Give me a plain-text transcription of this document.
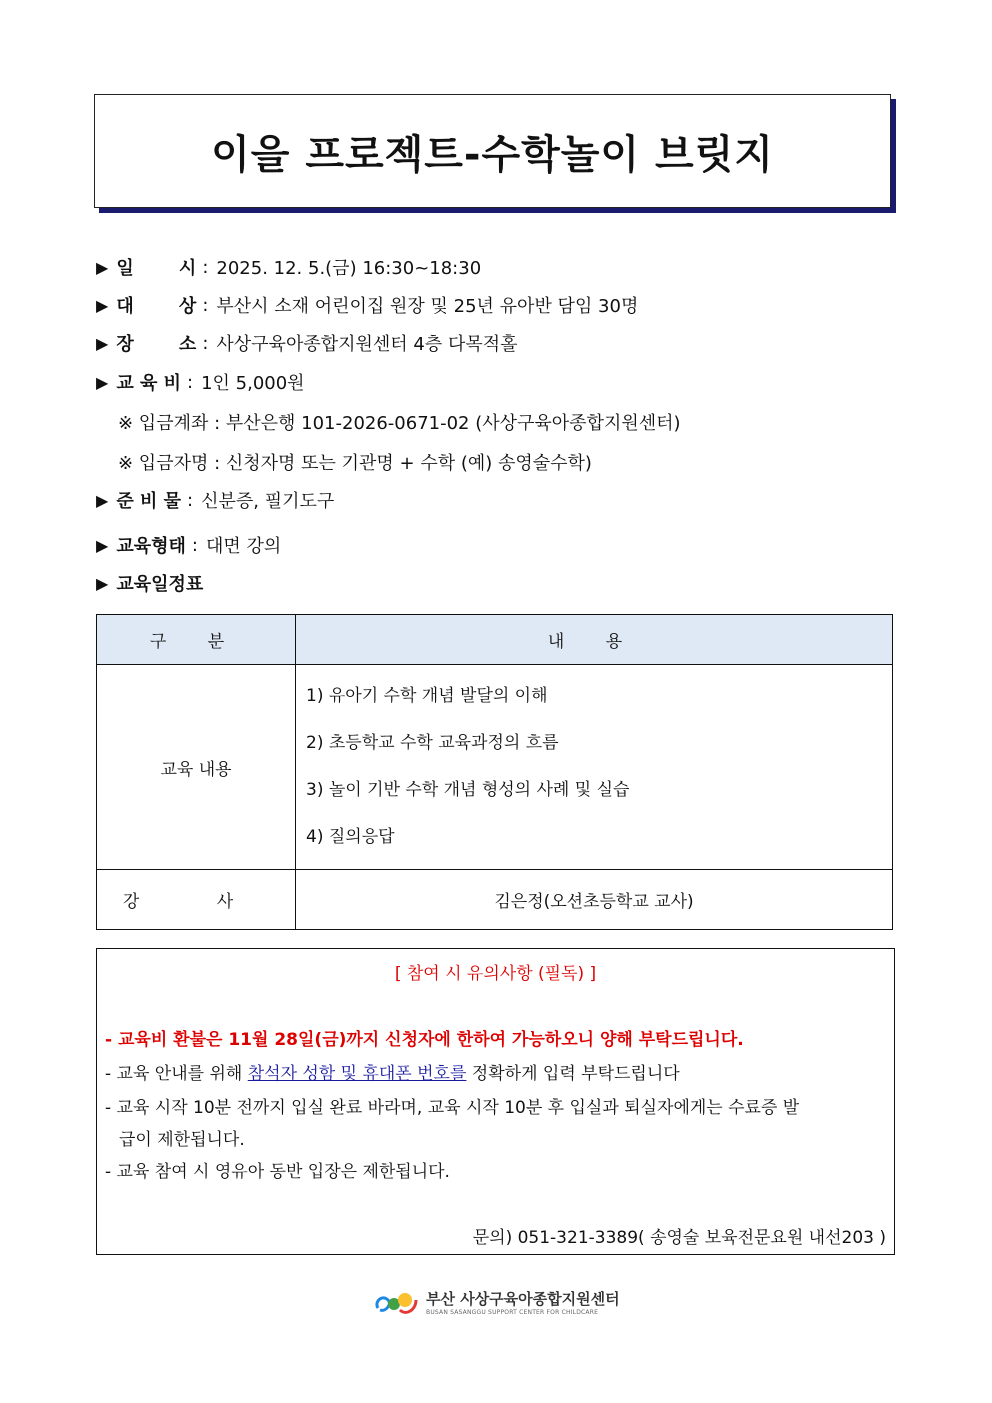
이을 프로젝트-수학놀이 브릿지
▶ 일	시 : 2025. 12. 5.(금) 16:30~18:30
▶ 대	상 : 부산시 소재 어린이집 원장 및 25년 유아반 담임 30명
▶ 장	소 : 사상구육아종합지원센터 4층 다목적홀
▶ 교 육 비 : 1인 5,000원
※ 입금계좌 : 부산은행 101-2026-0671-02 (사상구육아종합지원센터)
※ 입금자명 : 신청자명 또는 기관명 + 수학 (예) 송영술수학)
▶ 준 비 물 : 신분증, 필기도구
▶ 교육형태 : 대면 강의
▶ 교육일정표
구 분	내 용
교육 내용	1) 유아기 수학 개념 발달의 이해
2) 초등학교 수학 교육과정의 흐름
3) 놀이 기반 수학 개념 형성의 사례 및 실습
4) 질의응답

강 사	김은정(오션초등학교 교사)
[ 참여 시 유의사항 (필독) ]
- 교육비 환불은 11월 28일(금)까지 신청자에 한하여 가능하오니 양해 부탁드립니다.
- 교육 안내를 위해 참석자 성함 및 휴대폰 번호를 정확하게 입력 부탁드립니다
- 교육 시작 10분 전까지 입실 완료 바라며, 교육 시작 10분 후 입실과 퇴실자에게는 수료증 발
급이 제한됩니다.
- 교육 참여 시 영유아 동반 입장은 제한됩니다.
문의) 051-321-3389( 송영술 보육전문요원 내선203 )
부산 사상구육아종합지원센터
BUSAN SASANGGU SUPPORT CENTER FOR CHILDCARE
